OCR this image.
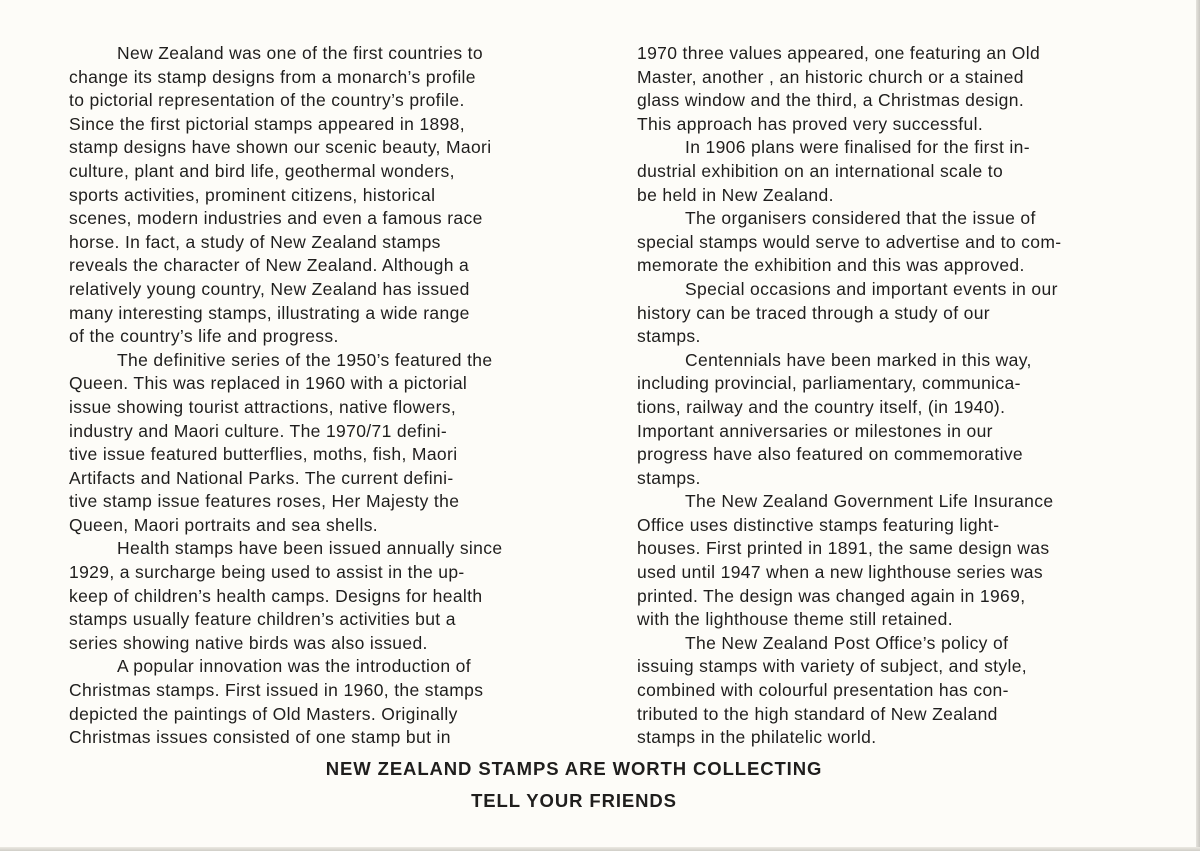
New Zealand was one of the first countries to
change its stamp designs from a monarch’s profile
to pictorial representation of the country’s profile.
Since the first pictorial stamps appeared in 1898,
stamp designs have shown our scenic beauty, Maori
culture, plant and bird life, geothermal wonders,
sports activities, prominent citizens, historical
scenes, modern industries and even a famous race
horse. In fact, a study of New Zealand stamps
reveals the character of New Zealand. Although a
relatively young country, New Zealand has issued
many interesting stamps, illustrating a wide range
of the country’s life and progress.
The definitive series of the 1950’s featured the
Queen. This was replaced in 1960 with a pictorial
issue showing tourist attractions, native flowers,
industry and Maori culture. The 1970/71 defini-
tive issue featured butterflies, moths, fish, Maori
Artifacts and National Parks. The current defini-
tive stamp issue features roses, Her Majesty the
Queen, Maori portraits and sea shells.
Health stamps have been issued annually since
1929, a surcharge being used to assist in the up-
keep of children’s health camps. Designs for health
stamps usually feature children’s activities but a
series showing native birds was also issued.
A popular innovation was the introduction of
Christmas stamps. First issued in 1960, the stamps
depicted the paintings of Old Masters. Originally
Christmas issues consisted of one stamp but in
1970 three values appeared, one featuring an Old
Master, another , an historic church or a stained
glass window and the third, a Christmas design.
This approach has proved very successful.
In 1906 plans were finalised for the first in-
dustrial exhibition on an international scale to
be held in New Zealand.
The organisers considered that the issue of
special stamps would serve to advertise and to com-
memorate the exhibition and this was approved.
Special occasions and important events in our
history can be traced through a study of our
stamps.
Centennials have been marked in this way,
including provincial, parliamentary, communica-
tions, railway and the country itself, (in 1940).
Important anniversaries or milestones in our
progress have also featured on commemorative
stamps.
The New Zealand Government Life Insurance
Office uses distinctive stamps featuring light-
houses. First printed in 1891, the same design was
used until 1947 when a new lighthouse series was
printed. The design was changed again in 1969,
with the lighthouse theme still retained.
The New Zealand Post Office’s policy of
issuing stamps with variety of subject, and style,
combined with colourful presentation has con-
tributed to the high standard of New Zealand
stamps in the philatelic world.
NEW ZEALAND STAMPS ARE WORTH COLLECTING
TELL YOUR FRIENDS
